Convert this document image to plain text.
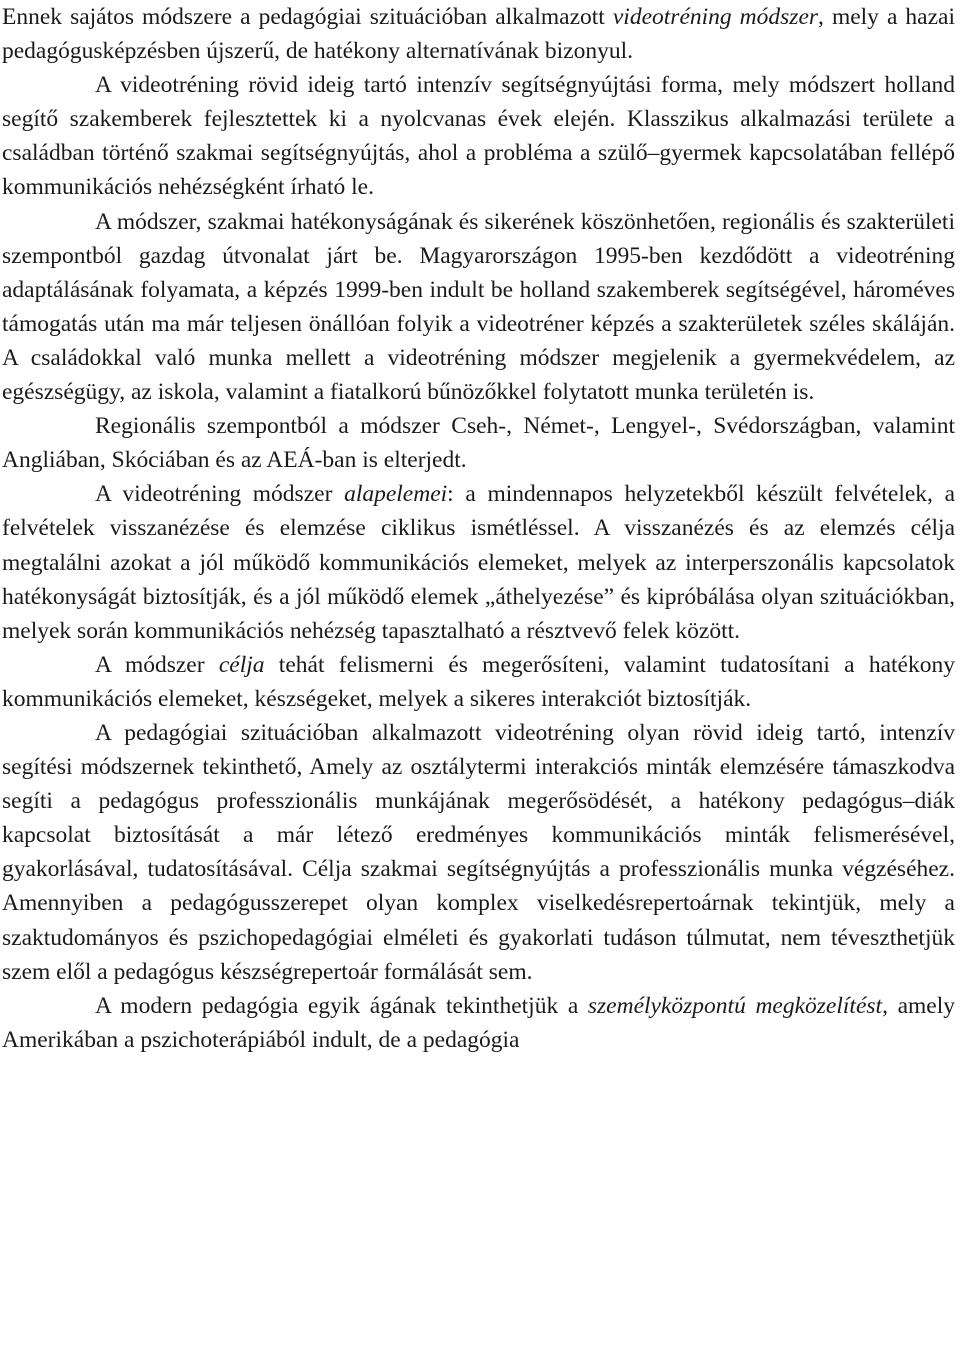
Ennek sajátos módszere a pedagógiai szituációban alkalmazott videotréning módszer, mely a hazai pedagógusképzésben újszerű, de hatékony alternatívának bizonyul.

A videotréning rövid ideig tartó intenzív segítségnyújtási forma, mely módszert holland segítő szakemberek fejlesztettek ki a nyolcvanas évek elején. Klasszikus alkalmazási területe a családban történő szakmai segítségnyújtás, ahol a probléma a szülő–gyermek kapcsolatában fellépő kommunikációs nehézségként írható le.

A módszer, szakmai hatékonyságának és sikerének köszönhetően, regionális és szakterületi szempontból gazdag útvonalat járt be. Magyarországon 1995-ben kezdődött a videotréning adaptálásának folyamata, a képzés 1999-ben indult be holland szakemberek segítségével, hároméves támogatás után ma már teljesen önállóan folyik a videotréner képzés a szakterületek széles skáláján. A családokkal való munka mellett a videotréning módszer megjelenik a gyermekvédelem, az egészségügy, az iskola, valamint a fiatalkorú bűnözőkkel folytatott munka területén is.

Regionális szempontból a módszer Cseh-, Német-, Lengyel-, Svédországban, valamint Angliában, Skóciában és az AEÁ-ban is elterjedt.

A videotréning módszer alapelemei: a mindennapos helyzetekből készült felvételek, a felvételek visszanézése és elemzése ciklikus ismétléssel. A visszanézés és az elemzés célja megtalálni azokat a jól működő kommunikációs elemeket, melyek az interperszonális kapcsolatok hatékonyságát biztosítják, és a jól működő elemek „áthelyezése” és kipróbálása olyan szituációkban, melyek során kommunikációs nehézség tapasztalható a résztvevő felek között.

A módszer célja tehát felismerni és megerősíteni, valamint tudatosítani a hatékony kommunikációs elemeket, készségeket, melyek a sikeres interakciót biztosítják.

A pedagógiai szituációban alkalmazott videotréning olyan rövid ideig tartó, intenzív segítési módszernek tekinthető, Amely az osztálytermi interakciós minták elemzésére támaszkodva segíti a pedagógus professzionális munkájának megerősödését, a hatékony pedagógus–diák kapcsolat biztosítását a már létező eredményes kommunikációs minták felismerésével, gyakorlásával, tudatosításával. Célja szakmai segítségnyújtás a professzionális munka végzéséhez. Amennyiben a pedagógusszerepet olyan komplex viselkedésrepertoárnak tekintjük, mely a szaktudományos és pszichopedagógiai elméleti és gyakorlati tudáson túlmutat, nem téveszthetjük szem elől a pedagógus készségrepertoár formálását sem.

A modern pedagógia egyik ágának tekinthetjük a személyközpontú megközelítést, amely Amerikában a pszichoterápiából indult, de a pedagógia
